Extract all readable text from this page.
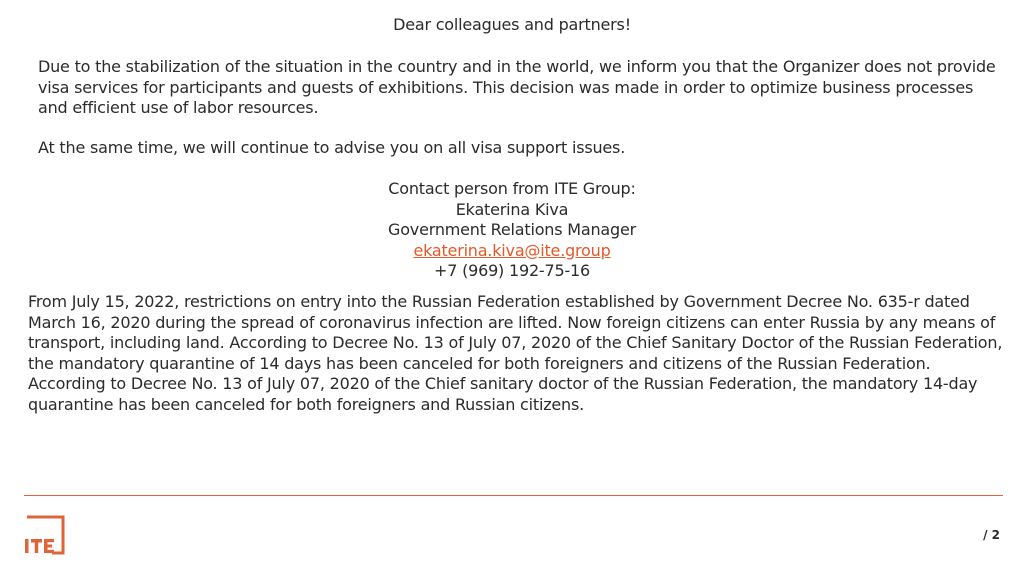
Dear colleagues and partners!
Due to the stabilization of the situation in the country and in the world, we inform you that the Organizer does not provide visa services for participants and guests of exhibitions. This decision was made in order to optimize business processes and efficient use of labor resources.
At the same time, we will continue to advise you on all visa support issues.
Contact person from ITE Group:
Ekaterina Kiva
Government Relations Manager
ekaterina.kiva@ite.group
+7 (969) 192-75-16
From July 15, 2022, restrictions on entry into the Russian Federation established by Government Decree No. 635-r dated March 16, 2020 during the spread of coronavirus infection are lifted. Now foreign citizens can enter Russia by any means of transport, including land. According to Decree No. 13 of July 07, 2020 of the Chief Sanitary Doctor of the Russian Federation, the mandatory quarantine of 14 days has been canceled for both foreigners and citizens of the Russian Federation.
According to Decree No. 13 of July 07, 2020 of the Chief sanitary doctor of the Russian Federation, the mandatory 14-day quarantine has been canceled for both foreigners and Russian citizens.
/ 2
